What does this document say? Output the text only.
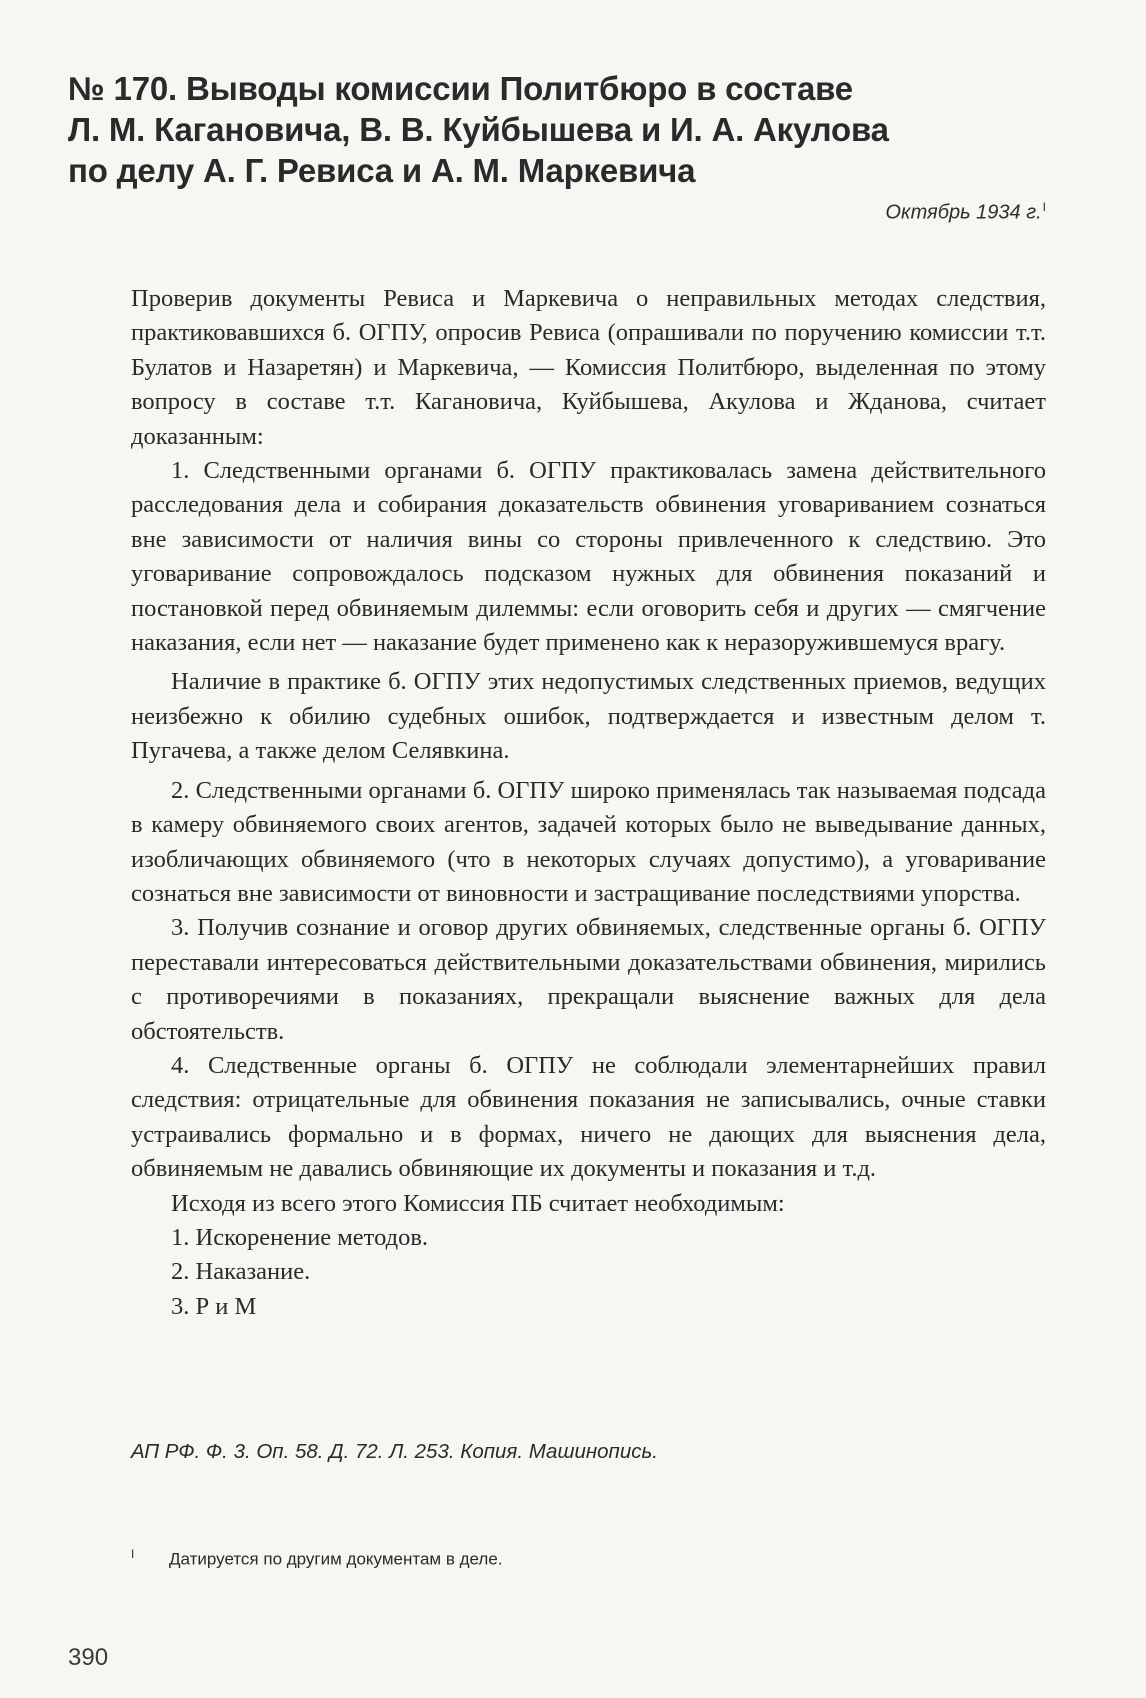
№ 170. Выводы комиссии Политбюро в составе
Л. М. Кагановича, В. В. Куйбышева и И. А. Акулова
по делу А. Г. Ревиса и А. М. Маркевича
Октябрь 1934 г.$^I$

Проверив документы Ревиса и Маркевича о неправильных методах следствия, практиковавшихся б. ОГПУ, опросив Ревиса (опрашивали по поручению комиссии т.т. Булатов и Назаретян) и Маркевича, — Комиссия Политбюро, выделенная по этому вопросу в составе т.т. Кагановича, Куйбышева, Акулова и Жданова, считает доказанным:

1. Следственными органами б. ОГПУ практиковалась замена действительного расследования дела и собирания доказательств обвинения уговариванием сознаться вне зависимости от наличия вины со стороны привлеченного к следствию. Это уговаривание сопровождалось подсказом нужных для обвинения показаний и постановкой перед обвиняемым дилеммы: если оговорить себя и других — смягчение наказания, если нет — наказание будет применено как к неразоружившемуся врагу.

Наличие в практике б. ОГПУ этих недопустимых следственных приемов, ведущих неизбежно к обилию судебных ошибок, подтверждается и известным делом т. Пугачева, а также делом Селявкина.

2. Следственными органами б. ОГПУ широко применялась так называемая подсада в камеру обвиняемого своих агентов, задачей которых было не выведывание данных, изобличающих обвиняемого (что в некоторых случаях допустимо), а уговаривание сознаться вне зависимости от виновности и застращивание последствиями упорства.

3. Получив сознание и оговор других обвиняемых, следственные органы б. ОГПУ переставали интересоваться действительными доказательствами обвинения, мирились с противоречиями в показаниях, прекращали выяснение важных для дела обстоятельств.

4. Следственные органы б. ОГПУ не соблюдали элементарнейших правил следствия: отрицательные для обвинения показания не записывались, очные ставки устраивались формально и в формах, ничего не дающих для выяснения дела, обвиняемым не давались обвиняющие их документы и показания и т.д.

Исходя из всего этого Комиссия ПБ считает необходимым:

1. Искоренение методов.

2. Наказание.

3. Р и М

АП РФ. Ф. 3. Оп. 58. Д. 72. Л. 253. Копия. Машинопись.
I Датируется по другим документам в деле.
390
